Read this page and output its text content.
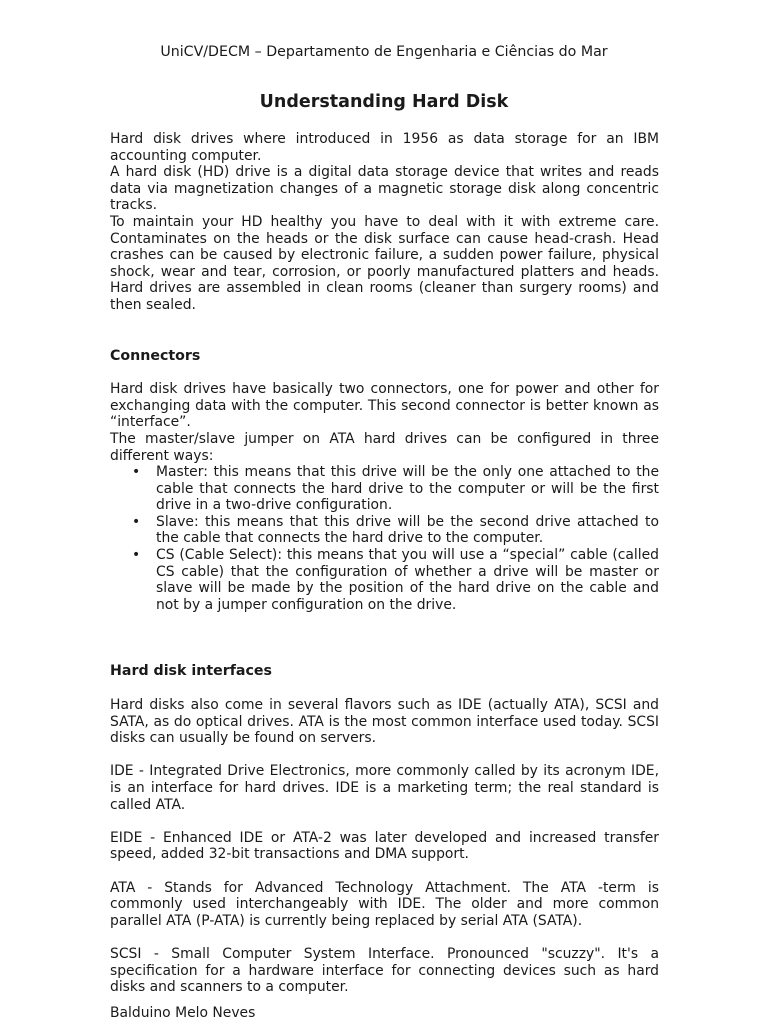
UniCV/DECM – Departamento de Engenharia e Ciências do Mar
Understanding Hard Disk

Hard disk drives where introduced in 1956 as data storage for an IBM accounting computer.

A hard disk (HD) drive is a digital data storage device that writes and reads data via magnetization changes of a magnetic storage disk along concentric tracks.

To maintain your HD healthy you have to deal with it with extreme care. Contaminates on the heads or the disk surface can cause head-crash. Head crashes can be caused by electronic failure, a sudden power failure, physical shock, wear and tear, corrosion, or poorly manufactured platters and heads. Hard drives are assembled in clean rooms (cleaner than surgery rooms) and then sealed.

Connectors

Hard disk drives have basically two connectors, one for power and other for exchanging data with the computer. This second connector is better known as “interface”.

The master/slave jumper on ATA hard drives can be configured in three different ways:

• Master: this means that this drive will be the only one attached to the cable that connects the hard drive to the computer or will be the first drive in a two-drive configuration.
• Slave: this means that this drive will be the second drive attached to the cable that connects the hard drive to the computer.
• CS (Cable Select): this means that you will use a “special” cable (called CS cable) that the configuration of whether a drive will be master or slave will be made by the position of the hard drive on the cable and not by a jumper configuration on the drive.
Hard disk interfaces

Hard disks also come in several flavors such as IDE (actually ATA), SCSI and SATA, as do optical drives. ATA is the most common interface used today. SCSI disks can usually be found on servers.

IDE - Integrated Drive Electronics, more commonly called by its acronym IDE, is an interface for hard drives. IDE is a marketing term; the real standard is called ATA.

EIDE - Enhanced IDE or ATA-2 was later developed and increased transfer speed, added 32-bit transactions and DMA support.

ATA - Stands for Advanced Technology Attachment. The ATA -term is commonly used interchangeably with IDE. The older and more common parallel ATA (P-ATA) is currently being replaced by serial ATA (SATA).

SCSI - Small Computer System Interface. Pronounced "scuzzy". It's a specification for a hardware interface for connecting devices such as hard disks and scanners to a computer.

Balduino Melo Neves
